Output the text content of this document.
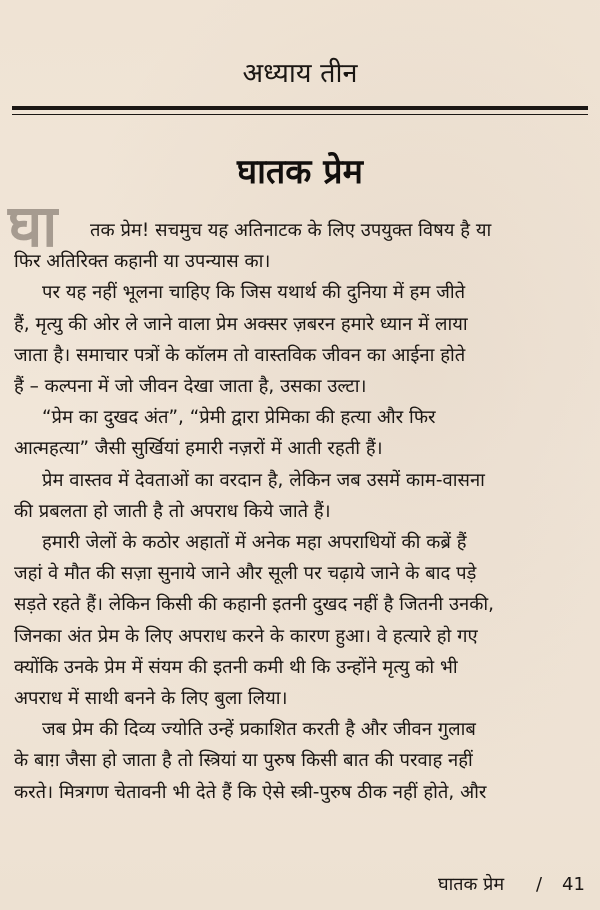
अध्याय तीन
घातक प्रेम
घा	तक प्रेम! सचमुच यह अतिनाटक के लिए उपयुक्त विषय है या
फिर अतिरिक्त कहानी या उपन्यास का।

पर यह नहीं भूलना चाहिए कि जिस यथार्थ की दुनिया में हम जीते
हैं, मृत्यु की ओर ले जाने वाला प्रेम अक्सर ज़बरन हमारे ध्यान में लाया
जाता है। समाचार पत्रों के कॉलम तो वास्तविक जीवन का आईना होते
हैं – कल्पना में जो जीवन देखा जाता है, उसका उल्टा।

“प्रेम का दुखद अंत”, “प्रेमी द्वारा प्रेमिका की हत्या और फिर
आत्महत्या” जैसी सुर्खियां हमारी नज़रों में आती रहती हैं।

प्रेम वास्तव में देवताओं का वरदान है, लेकिन जब उसमें काम-वासना
की प्रबलता हो जाती है तो अपराध किये जाते हैं।

हमारी जेलों के कठोर अहातों में अनेक महा अपराधियों की कब्रें हैं
जहां वे मौत की सज़ा सुनाये जाने और सूली पर चढ़ाये जाने के बाद पड़े
सड़ते रहते हैं। लेकिन किसी की कहानी इतनी दुखद नहीं है जितनी उनकी,
जिनका अंत प्रेम के लिए अपराध करने के कारण हुआ। वे हत्यारे हो गए
क्योंकि उनके प्रेम में संयम की इतनी कमी थी कि उन्होंने मृत्यु को भी
अपराध में साथी बनने के लिए बुला लिया।

जब प्रेम की दिव्य ज्योति उन्हें प्रकाशित करती है और जीवन गुलाब
के बाग़ जैसा हो जाता है तो स्त्रियां या पुरुष किसी बात की परवाह नहीं
करते। मित्रगण चेतावनी भी देते हैं कि ऐसे स्त्री-पुरुष ठीक नहीं होते, और

घातक प्रेम / 41
